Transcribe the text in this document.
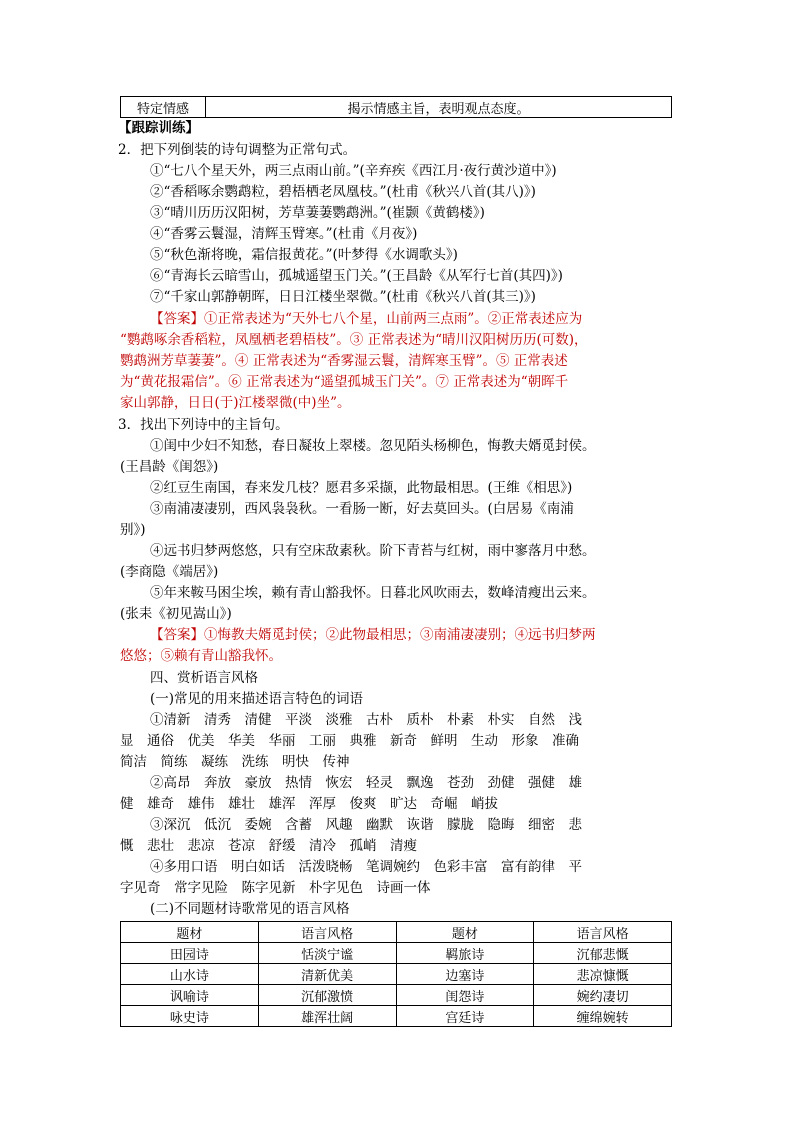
特定情感	揭示情感主旨，表明观点态度。
【跟踪训练】
2．把下列倒装的诗句调整为正常句式。
①“七八个星天外，两三点雨山前。”(辛弃疾《西江月·夜行黄沙道中》)
②“香稻啄余鹦鹉粒，碧梧栖老凤凰枝。”(杜甫《秋兴八首(其八)》)
③“晴川历历汉阳树，芳草萋萋鹦鹉洲。”(崔颢《黄鹤楼》)
④“香雾云鬟湿，清辉玉臂寒。”(杜甫《月夜》)
⑤“秋色渐将晚，霜信报黄花。”(叶梦得《水调歌头》)
⑥“青海长云暗雪山，孤城遥望玉门关。”(王昌龄《从军行七首(其四)》)
⑦“千家山郭静朝晖，日日江楼坐翠微。”(杜甫《秋兴八首(其三)》)
【答案】①正常表述为“天外七八个星，山前两三点雨”。②正常表述应为
“鹦鹉啄余香稻粒，凤凰栖老碧梧枝”。③ 正常表述为“晴川汉阳树历历(可数)，
鹦鹉洲芳草萋萋”。④ 正常表述为“香雾湿云鬟，清辉寒玉臂”。⑤ 正常表述
为“黄花报霜信”。⑥ 正常表述为“遥望孤城玉门关”。⑦ 正常表述为“朝晖千
家山郭静，日日(于)江楼翠微(中)坐”。
3．找出下列诗中的主旨句。
①闺中少妇不知愁，春日凝妆上翠楼。忽见陌头杨柳色，悔教夫婿觅封侯。
(王昌龄《闺怨》)
②红豆生南国，春来发几枝？愿君多采撷，此物最相思。(王维《相思》)
③南浦凄凄别，西风袅袅秋。一看肠一断，好去莫回头。(白居易《南浦
别》)
④远书归梦两悠悠，只有空床敌素秋。阶下青苔与红树，雨中寥落月中愁。
(李商隐《端居》)
⑤年来鞍马困尘埃，赖有青山豁我怀。日暮北风吹雨去，数峰清瘦出云来。
(张耒《初见嵩山》)
【答案】①悔教夫婿觅封侯；②此物最相思；③南浦凄凄别；④远书归梦两
悠悠；⑤赖有青山豁我怀。
四、赏析语言风格
(一)常见的用来描述语言特色的词语
①清新　清秀　清健　平淡　淡雅　古朴　质朴　朴素　朴实　自然　浅
显　通俗　优美　华美　华丽　工丽　典雅　新奇　鲜明　生动　形象　准确
简洁　简练　凝练　洗练　明快　传神
②高昂　奔放　豪放　热情　恢宏　轻灵　飘逸　苍劲　劲健　强健　雄
健　雄奇　雄伟　雄壮　雄浑　浑厚　俊爽　旷达　奇崛　峭拔
③深沉　低沉　委婉　含蓄　风趣　幽默　诙谐　朦胧　隐晦　细密　悲
慨　悲壮　悲凉　苍凉　舒缓　清冷　孤峭　清瘦
④多用口语　明白如话　活泼晓畅　笔调婉约　色彩丰富　富有韵律　平
字见奇　常字见险　陈字见新　朴字见色　诗画一体
(二)不同题材诗歌常见的语言风格
题材	语言风格	题材	语言风格
田园诗	恬淡宁谧	羁旅诗	沉郁悲慨
山水诗	清新优美	边塞诗	悲凉慷慨
讽喻诗	沉郁激愤	闺怨诗	婉约凄切
咏史诗	雄浑壮阔	宫廷诗	缠绵婉转
